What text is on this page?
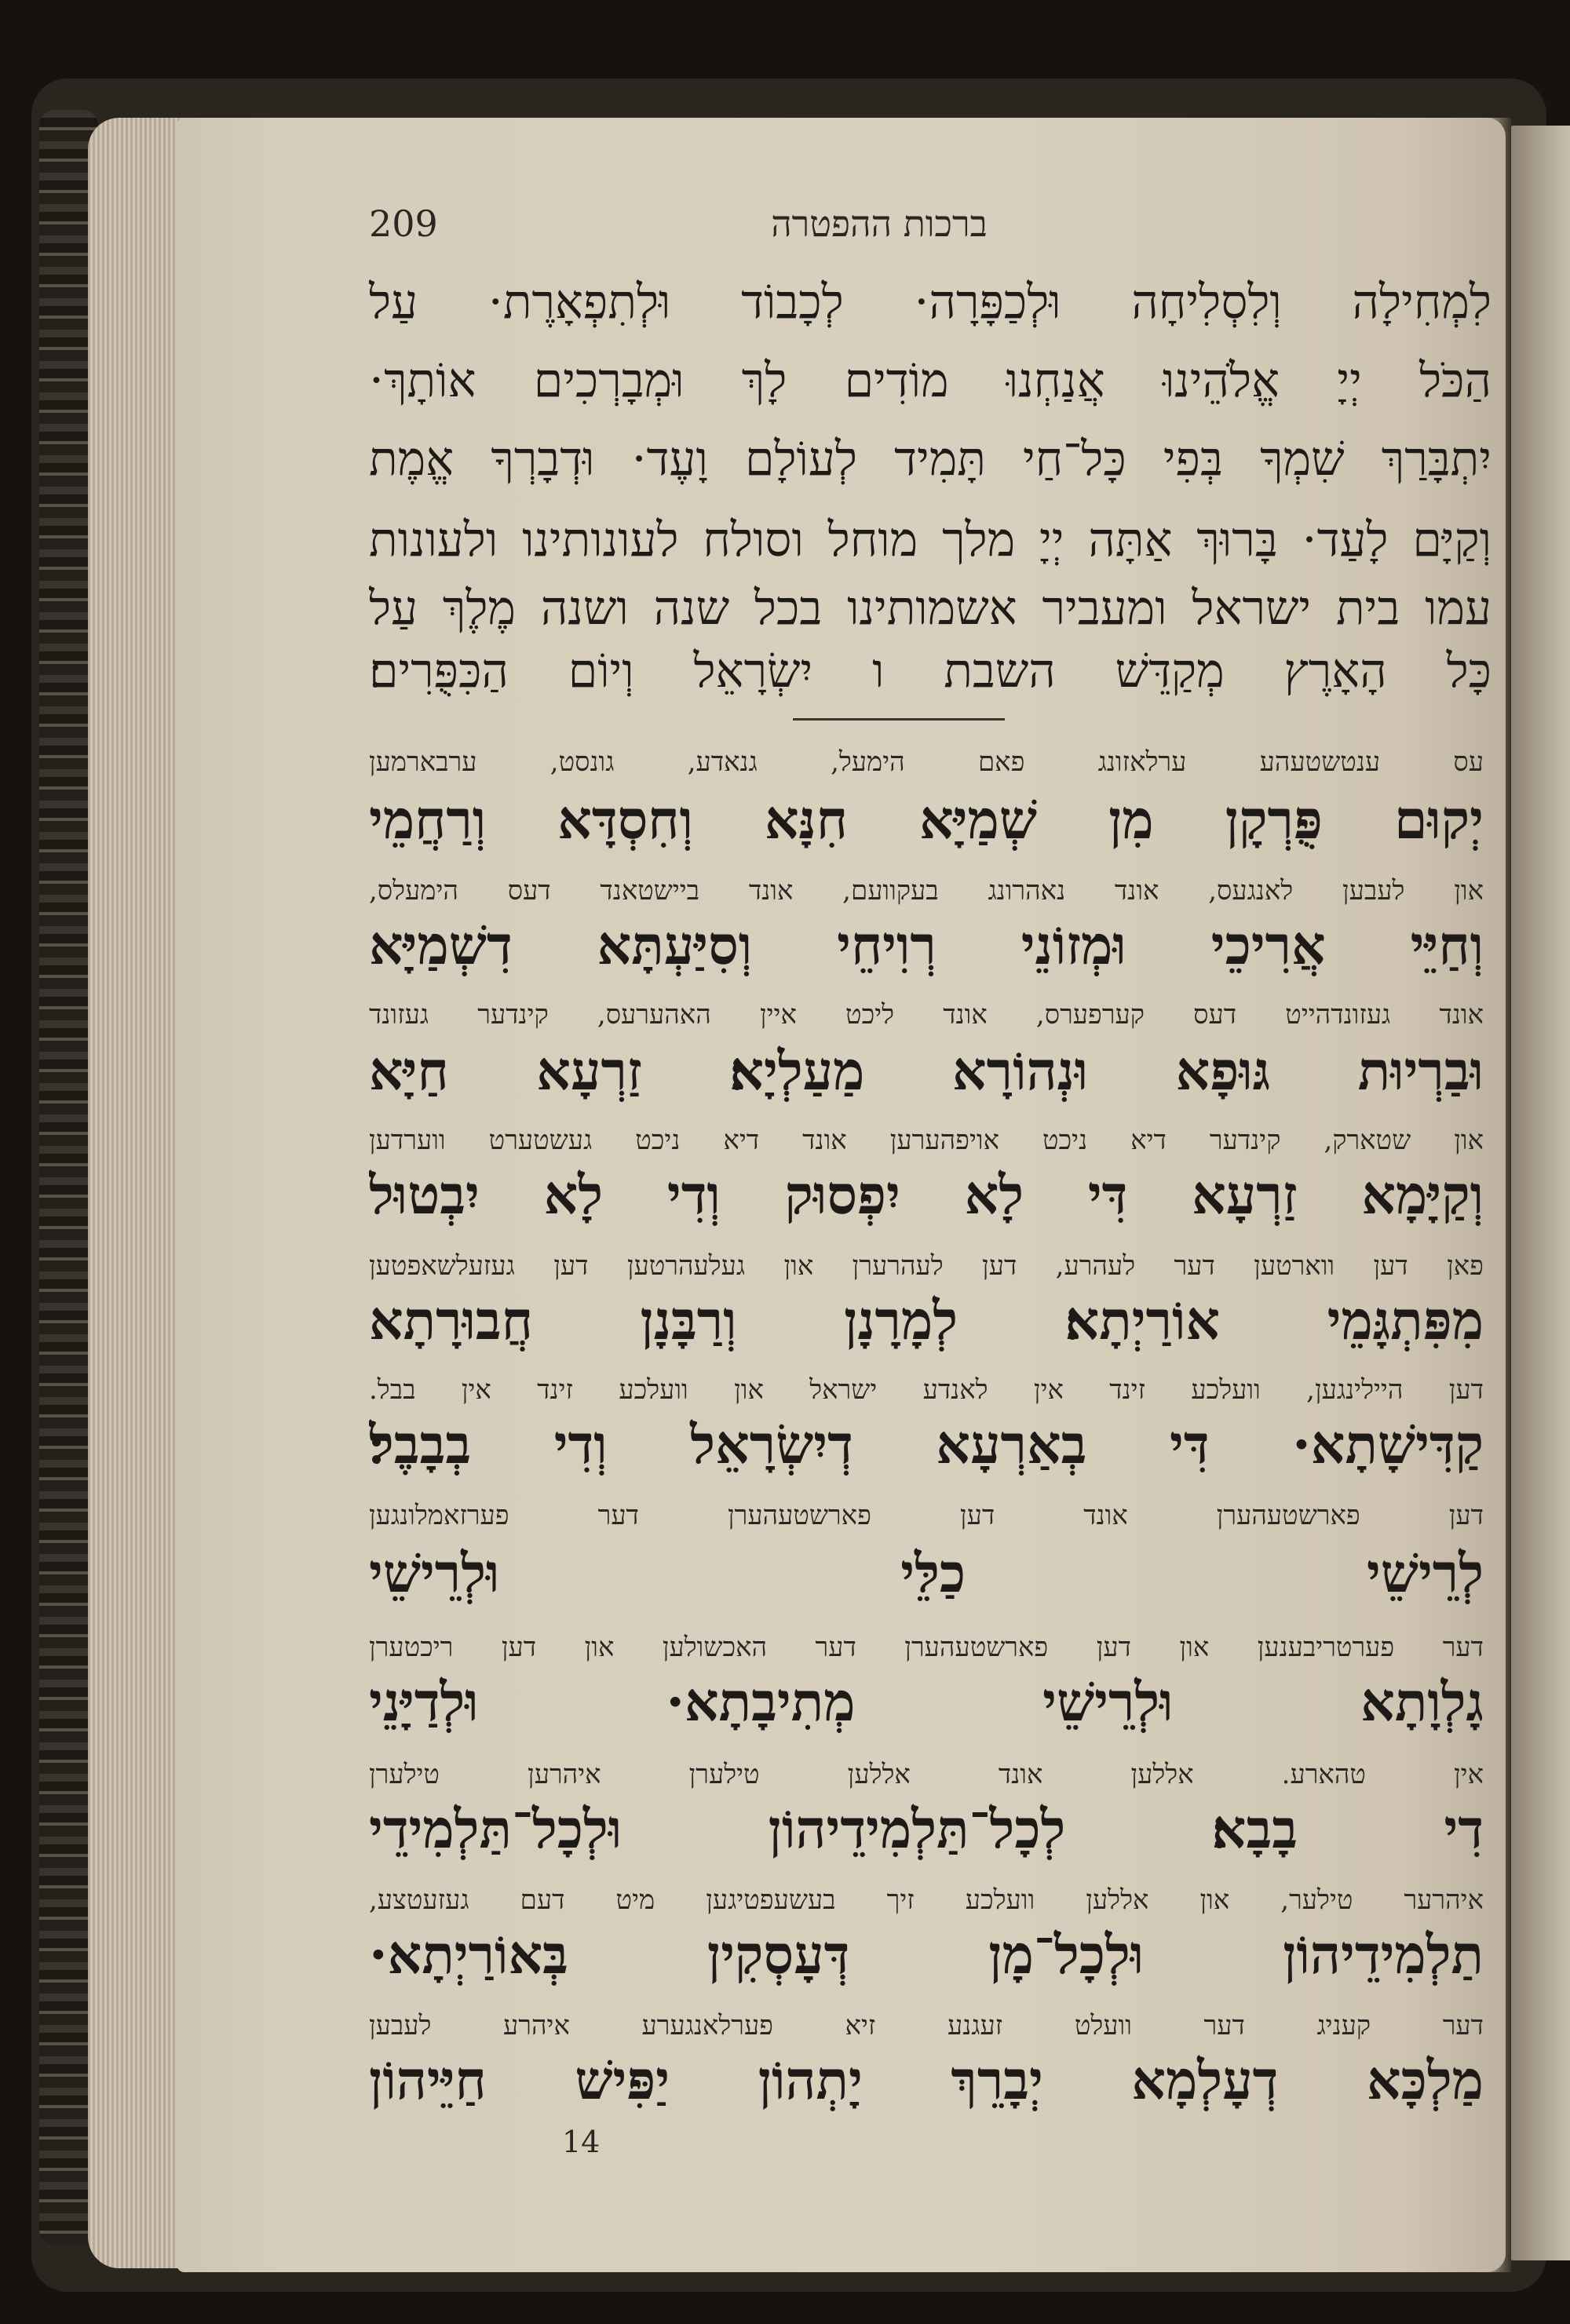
209	ברכות ההפטרה
לִמְחִילָה וְלִסְלִיחָה וּלְכַפָּרָה· לְכָבוֹד וּלְתִפְאָרֶת· עַל
הַכֹּל יְיָ אֱלֹהֵינוּ אֲנַחְנוּ מוֹדִים לָךְ וּמְבָרְכִים אוֹתָךְ·
יִתְבָּרַךְ שִׁמְךָ בְּפִי כָּל־חַי תָּמִיד לְעוֹלָם וָעֶד· וּדְבָרְךָ אֱמֶת
וְקַיָּם לָעַד· בָּרוּךְ אַתָּה יְיָ מלך מוחל וסולח לעונותינו ולעונות
עמו בית ישראל ומעביר אשמותינו בכל שנה ושנה מֶלֶךְ עַל
כָּל הָאָרֶץ מְקַדֵּשׁ השבת ו יִשְׂרָאֵל וְיוֹם הַכִּפֻּרִים׃
עס ענטשטעהע ערלאזונג פאם הימעל, גנאדע, גונסט, ערבארמען
יְקוּם פֻּרְקָן מִן שְׁמַיָּא חִנָּא וְחִסְדָּא וְרַחֲמֵי
און לעבען לאנגעס, אונד נאהרונג בעקוועם, אונד ביישטאנד דעס הימעלס,
וְחַיֵּי אֲרִיכֵי וּמְזוֹנֵי רְוִיחֵי וְסִיַּעְתָּא דִשְׁמַיָּא
אונד געזונדהייט דעס קערפערס, אונד ליכט איין האהערעס, קינדער געזונד
וּבַרְיוּת גּוּפָא וּנְהוֹרָא מַעַלְיָא׃ זַרְעָא חַיָּא
און שטארק, קינדער דיא ניכט אויפהערען אונד דיא ניכט געשטערט ווערדען
וְקַיָּמָא זַרְעָא דִּי לָא יִפְסוּק וְדִי לָא יִבְטוּל
פאן דען ווארטען דער לעהרע, דען לעהרערן און געלעהרטען דען געזעלשאפטען
מִפִּתְגָּמֵי אוֹרַיְתָא׃ לְמָרָנָן וְרַבָּנָן חֲבוּרָתָא
דען היילינגען, וועלכע זינד אין לאנדע ישראל און וועלכע זינד אין בבל.
קַדִּישָׁתָא· דִּי בְאַרְעָא דְיִשְׂרָאֵל וְדִי בְבָבֶל׃
דען פארשטעהערן אונד דען פארשטעהערן דער פערזאמלונגען
לְרֵישֵׁי כַלֵּי וּלְרֵישֵׁי
דער פערטריבענען און דען פארשטעהערן דער האכשולען און דען ריכטערן
גָלְוָתָא וּלְרֵישֵׁי מְתִיבָתָא· וּלְדַיָּנֵי
אין טהארע. אללען אונד אללען טילערן איהרען טילערן
דִי בָבָא׃ לְכָל־תַּלְמִידֵיהוֹן וּלְכָל־תַּלְמִידֵי
איהרער טילער, און אללען וועלכע זיך בעשעפטיגען מיט דעם געזעטצע,
תַלְמִידֵיהוֹן וּלְכָל־מָן דְּעָסְקִין בְּאוֹרַיְתָא·
דער קעניג דער וועלט זעגנע זיא פערלאנגערע איהרע לעבען
מַלְכָּא דְעָלְמָא יְבָרֵךְ יָתְהוֹן יַפִּישׁ חַיֵּיהוֹן
14
